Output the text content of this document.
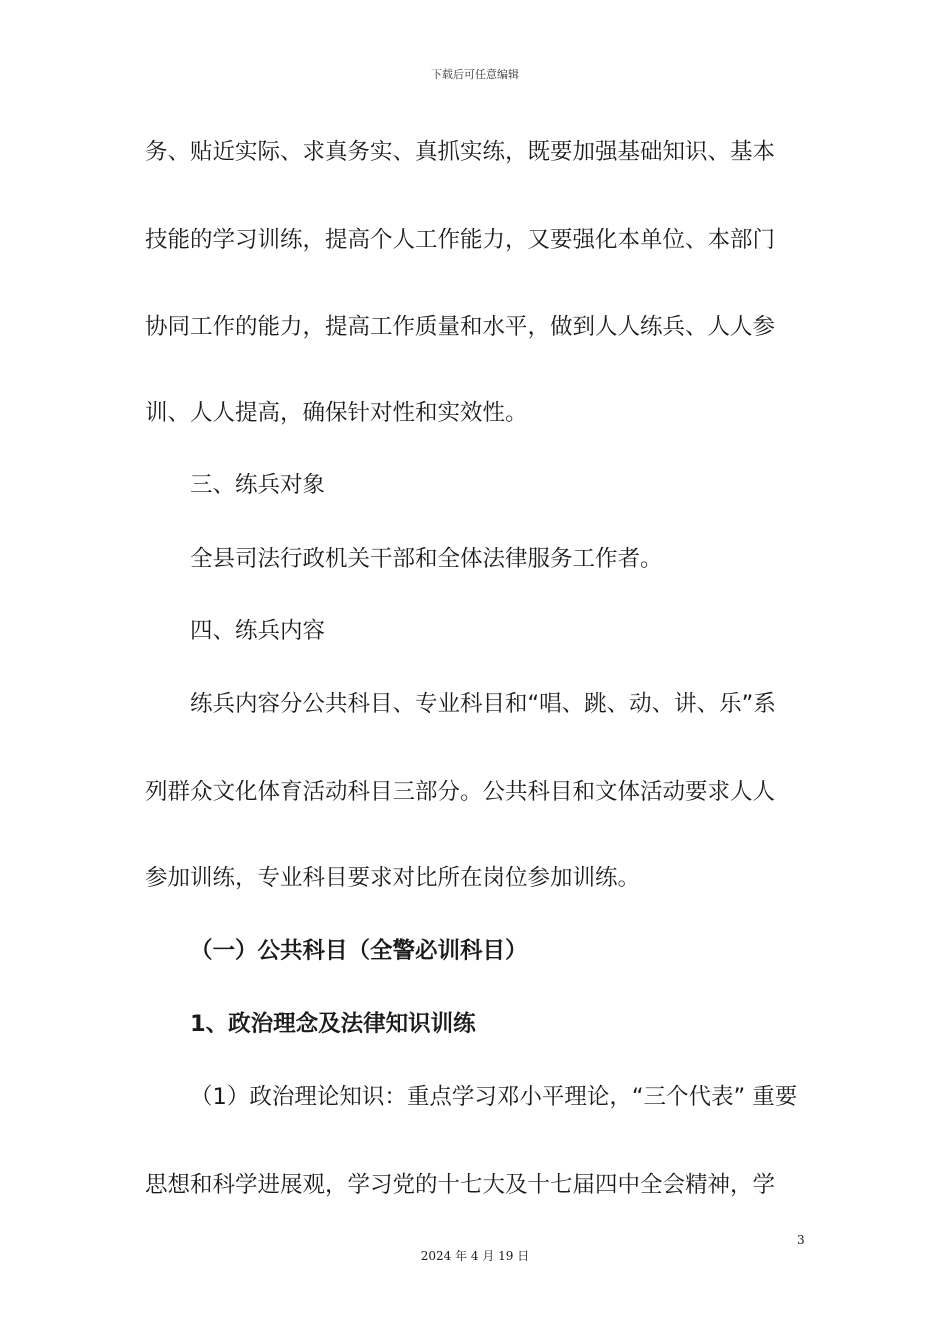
下载后可任意编辑
务、贴近实际、求真务实、真抓实练，既要加强基础知识、基本
技能的学习训练，提高个人工作能力，又要强化本单位、本部门
协同工作的能力，提高工作质量和水平，做到人人练兵、人人参
训、人人提高，确保针对性和实效性。
三、练兵对象
全县司法行政机关干部和全体法律服务工作者。
四、练兵内容
练兵内容分公共科目、专业科目和“唱、跳、动、讲、乐”系
列群众文化体育活动科目三部分。公共科目和文体活动要求人人
参加训练，专业科目要求对比所在岗位参加训练。
（一）公共科目（全警必训科目）
1、政治理念及法律知识训练
（1）政治理论知识：重点学习邓小平理论，“三个代表” 重要
思想和科学进展观，学习党的十七大及十七届四中全会精神，学
3
2024 年 4 月 19 日
